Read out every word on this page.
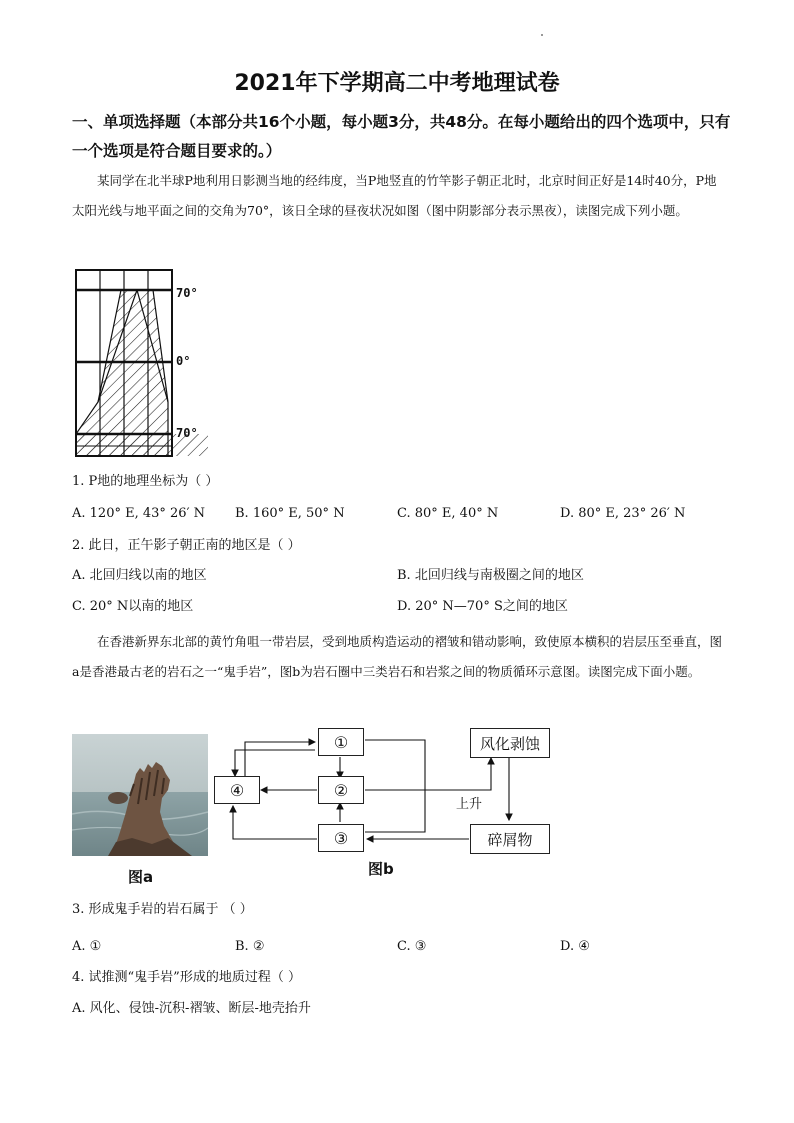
2021年下学期高二中考地理试卷
一、单项选择题（本部分共16个小题，每小题3分，共48分。在每小题给出的四个选项中，只有一个选项是符合题目要求的。）
某同学在北半球P地利用日影测当地的经纬度，当P地竖直的竹竿影子朝正北时，北京时间正好是14时40分，P地太阳光线与地平面之间的交角为70°，该日全球的昼夜状况如图（图中阴影部分表示黑夜），读图完成下列小题。
70°
0°
70°
1. P地的地理坐标为（ ）
A. 120° E, 43° 26′ N B. 160° E, 50° N	C. 80° E, 40° N	D. 80° E, 23° 26′ N
2. 此日，正午影子朝正南的地区是（ ）
A. 北回归线以南的地区	B. 北回归线与南极圈之间的地区
C. 20° N以南的地区	D. 20° N—70° S之间的地区
在香港新界东北部的黄竹角咀一带岩层，受到地质构造运动的褶皱和错动影响，致使原本横积的岩层压至垂直，图a是香港最古老的岩石之一“鬼手岩”，图b为岩石圈中三类岩石和岩浆之间的物质循环示意图。读图完成下面小题。
图a
①
②
③
④
风化剥蚀
碎屑物
上升
图b
3. 形成鬼手岩的岩石属于 （ ）
A. ①	B. ②	C. ③	D. ④
4. 试推测“鬼手岩”形成的地质过程（ ）
A. 风化、侵蚀-沉积-褶皱、断层-地壳抬升
